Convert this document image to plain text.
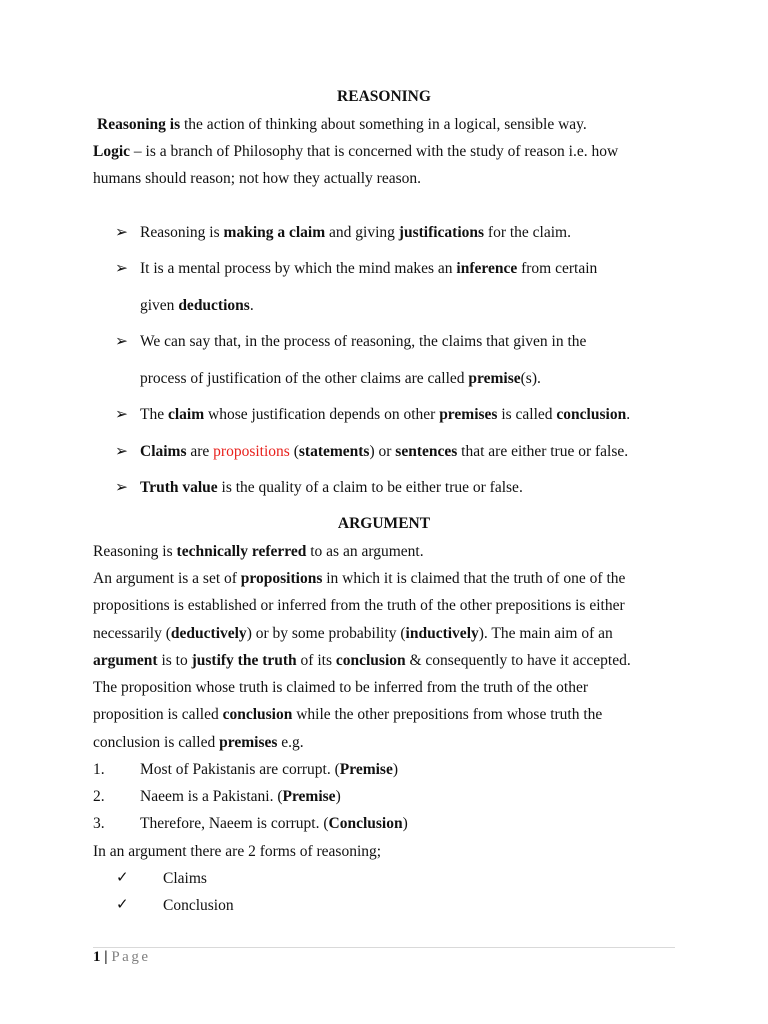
REASONING
Reasoning is the action of thinking about something in a logical, sensible way.
Logic – is a branch of Philosophy that is concerned with the study of reason i.e. how
humans should reason; not how they actually reason.
➢ Reasoning is making a claim and giving justifications for the claim.
➢ It is a mental process by which the mind makes an inference from certain
given deductions.
➢ We can say that, in the process of reasoning, the claims that given in the
process of justification of the other claims are called premise(s).
➢ The claim whose justification depends on other premises is called conclusion.
➢ Claims are propositions (statements) or sentences that are either true or false.
➢ Truth value is the quality of a claim to be either true or false.
ARGUMENT
Reasoning is technically referred to as an argument.
An argument is a set of propositions in which it is claimed that the truth of one of the
propositions is established or inferred from the truth of the other prepositions is either
necessarily (deductively) or by some probability (inductively). The main aim of an
argument is to justify the truth of its conclusion & consequently to have it accepted.
The proposition whose truth is claimed to be inferred from the truth of the other
proposition is called conclusion while the other prepositions from whose truth the
conclusion is called premises e.g.
1. Most of Pakistanis are corrupt. (Premise)
2. Naeem is a Pakistani. (Premise)
3. Therefore, Naeem is corrupt. (Conclusion)
In an argument there are 2 forms of reasoning;
✓ Claims
✓ Conclusion
1 | Page
